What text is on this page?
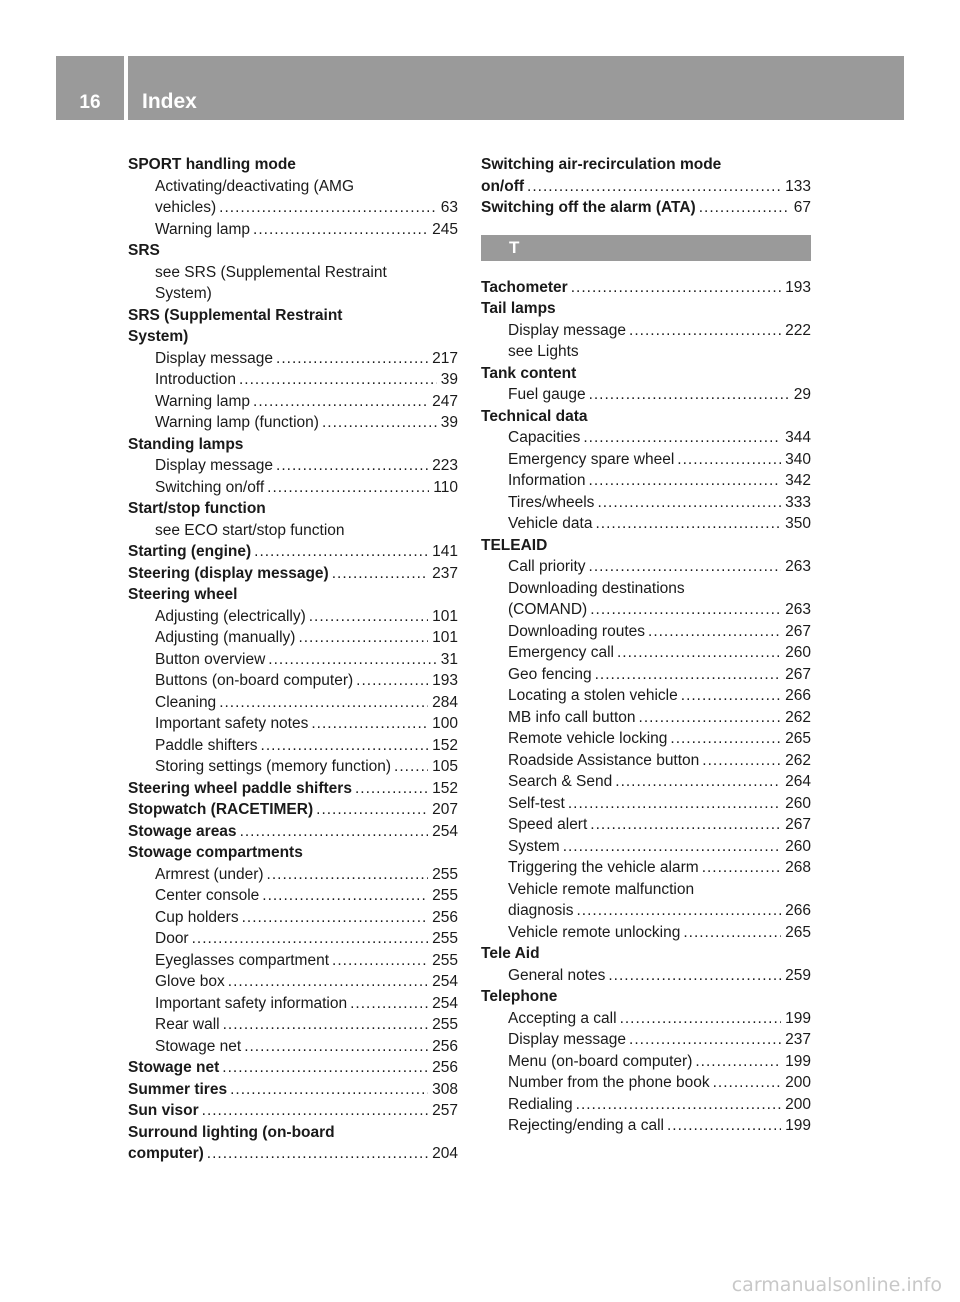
16	Index
SPORT handling mode
Activating/deactivating (AMG
vehicles) .....	63
Warning lamp .....	245
SRS
see SRS (Supplemental Restraint
System)
SRS (Supplemental Restraint
System)
Display message .....	217
Introduction .....	39
Warning lamp .....	247
Warning lamp (function) .....	39
Standing lamps
Display message .....	223
Switching on/off .....	110
Start/stop function
see ECO start/stop function
Starting (engine) .....	141
Steering (display message) .....	237
Steering wheel
Adjusting (electrically) .....	101
Adjusting (manually) .....	101
Button overview .....	31
Buttons (on-board computer) .....	193
Cleaning .....	284
Important safety notes .....	100
Paddle shifters .....	152
Storing settings (memory function) .....	105
Steering wheel paddle shifters .....	152
Stopwatch (RACETIMER) .....	207
Stowage areas .....	254
Stowage compartments
Armrest (under) .....	255
Center console .....	255
Cup holders .....	256
Door .....	255
Eyeglasses compartment .....	255
Glove box .....	254
Important safety information .....	254
Rear wall .....	255
Stowage net .....	256
Stowage net .....	256
Summer tires .....	308
Sun visor .....	257
Surround lighting (on-board
computer) .....	204
Switching air-recirculation mode
on/off .....	133
Switching off the alarm (ATA) .....	67
T
Tachometer .....	193
Tail lamps
Display message .....	222
see Lights
Tank content
Fuel gauge .....	29
Technical data
Capacities .....	344
Emergency spare wheel .....	340
Information .....	342
Tires/wheels .....	333
Vehicle data .....	350
TELEAID
Call priority .....	263
Downloading destinations
(COMAND) .....	263
Downloading routes .....	267
Emergency call .....	260
Geo fencing .....	267
Locating a stolen vehicle .....	266
MB info call button .....	262
Remote vehicle locking .....	265
Roadside Assistance button .....	262
Search & Send .....	264
Self-test .....	260
Speed alert .....	267
System .....	260
Triggering the vehicle alarm .....	268
Vehicle remote malfunction
diagnosis .....	266
Vehicle remote unlocking .....	265
Tele Aid
General notes .....	259
Telephone
Accepting a call .....	199
Display message .....	237
Menu (on-board computer) .....	199
Number from the phone book .....	200
Redialing .....	200
Rejecting/ending a call .....	199
carmanualsonline.info
